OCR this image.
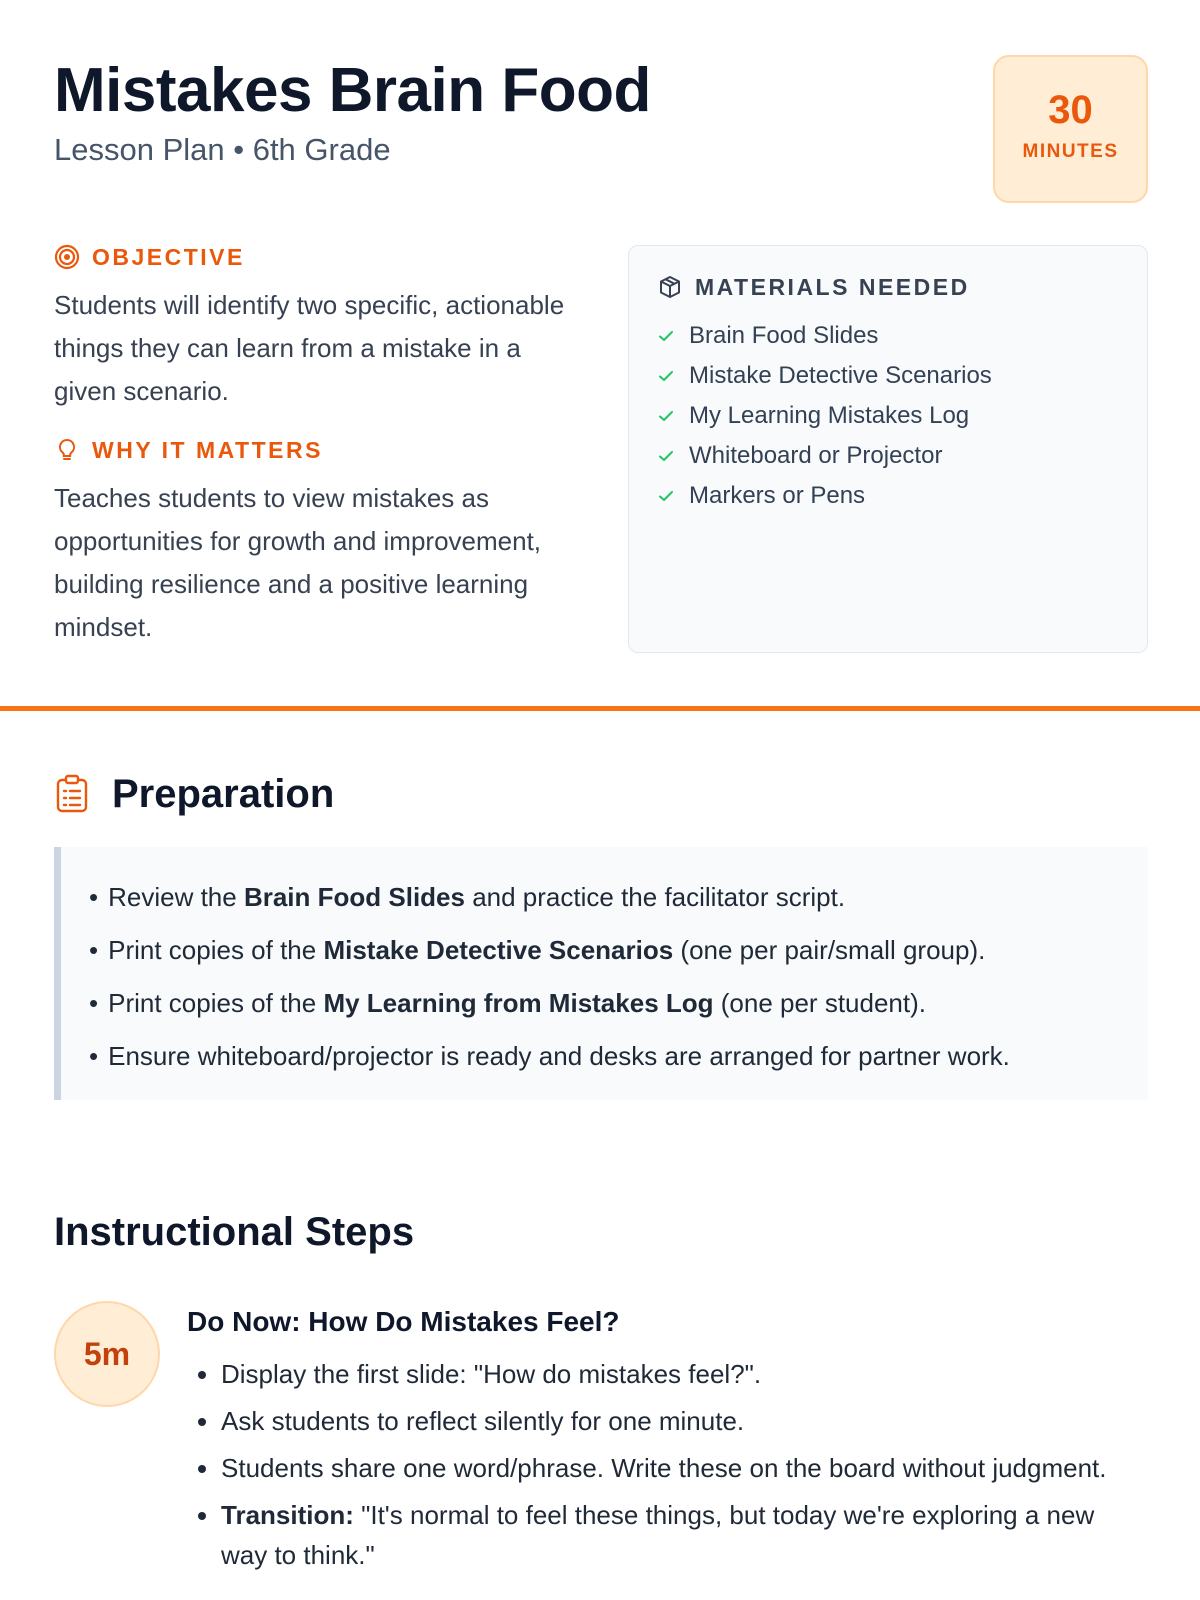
Mistakes Brain Food
Lesson Plan • 6th Grade
30
MINUTES
OBJECTIVE

Students will identify two specific, actionable things they can learn from a mistake in a given scenario.

WHY IT MATTERS

Teaches students to view mistakes as opportunities for growth and improvement, building resilience and a positive learning mindset.

MATERIALS NEEDED
Brain Food Slides
Mistake Detective Scenarios
My Learning Mistakes Log
Whiteboard or Projector
Markers or Pens
Preparation
• Review the Brain Food Slides and practice the facilitator script.
• Print copies of the Mistake Detective Scenarios (one per pair/small group).
• Print copies of the My Learning from Mistakes Log (one per student).
• Ensure whiteboard/projector is ready and desks are arranged for partner work.
Instructional Steps
5m
Do Now: How Do Mistakes Feel?
• Display the first slide: "How do mistakes feel?".
• Ask students to reflect silently for one minute.
• Students share one word/phrase. Write these on the board without judgment.
• Transition: "It's normal to feel these things, but today we're exploring a new way to think."
